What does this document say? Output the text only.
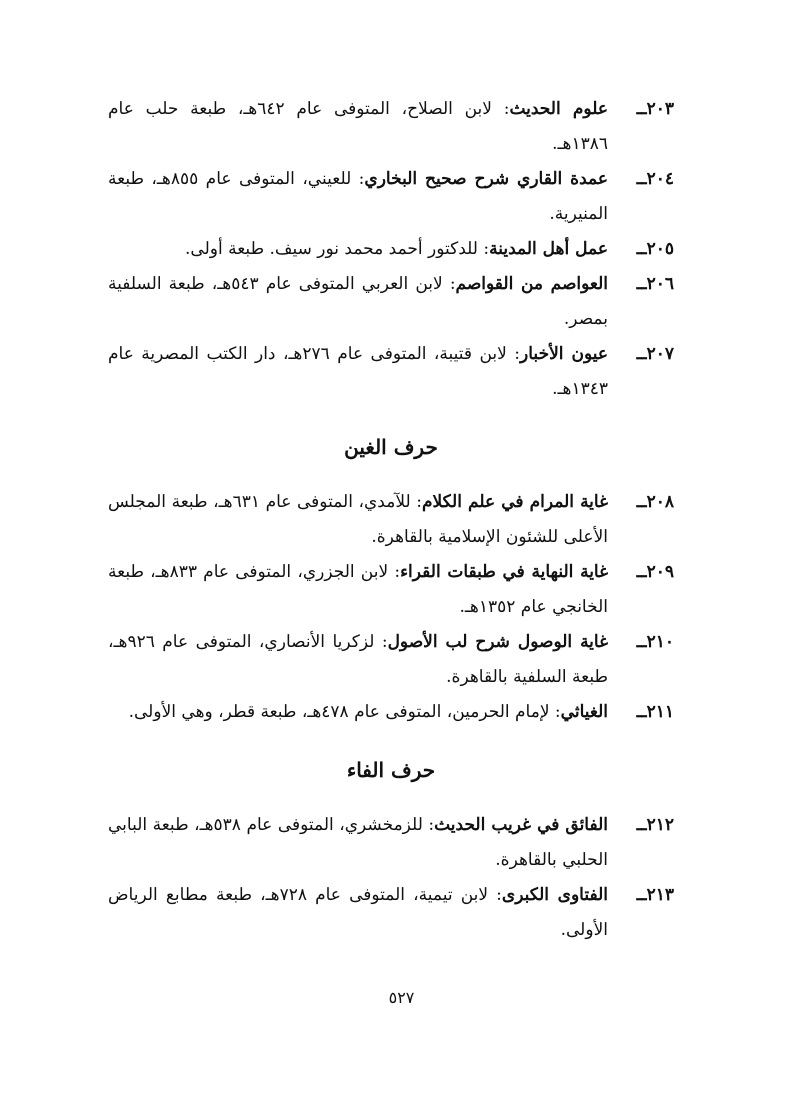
٢٠٣ــ
علوم الحديث: لابن الصلاح، المتوفى عام ٦٤٢هـ، طبعة حلب عام ١٣٨٦هـ.
٢٠٤ــ
عمدة القاري شرح صحيح البخاري: للعيني، المتوفى عام ٨٥٥هـ، طبعة المنيرية.
٢٠٥ــ
عمل أهل المدينة: للدكتور أحمد محمد نور سيف. طبعة أولى.
٢٠٦ــ
العواصم من القواصم: لابن العربي المتوفى عام ٥٤٣هـ، طبعة السلفية بمصر.
٢٠٧ــ
عيون الأخبار: لابن قتيبة، المتوفى عام ٢٧٦هـ، دار الكتب المصرية عام ١٣٤٣هـ.
حرف الغين
٢٠٨ــ
غاية المرام في علم الكلام: للآمدي، المتوفى عام ٦٣١هـ، طبعة المجلس الأعلى للشئون الإسلامية بالقاهرة.
٢٠٩ــ
غاية النهاية في طبقات القراء: لابن الجزري، المتوفى عام ٨٣٣هـ، طبعة الخانجي عام ١٣٥٢هـ.
٢١٠ــ
غاية الوصول شرح لب الأصول: لزكريا الأنصاري، المتوفى عام ٩٢٦هـ، طبعة السلفية بالقاهرة.
٢١١ــ
الغياثي: لإمام الحرمين، المتوفى عام ٤٧٨هـ، طبعة قطر، وهي الأولى.
حرف الفاء
٢١٢ــ
الفائق في غريب الحديث: للزمخشري، المتوفى عام ٥٣٨هـ، طبعة البابي الحلبي بالقاهرة.
٢١٣ــ
الفتاوى الكبرى: لابن تيمية، المتوفى عام ٧٢٨هـ، طبعة مطابع الرياض الأولى.
٥٢٧
